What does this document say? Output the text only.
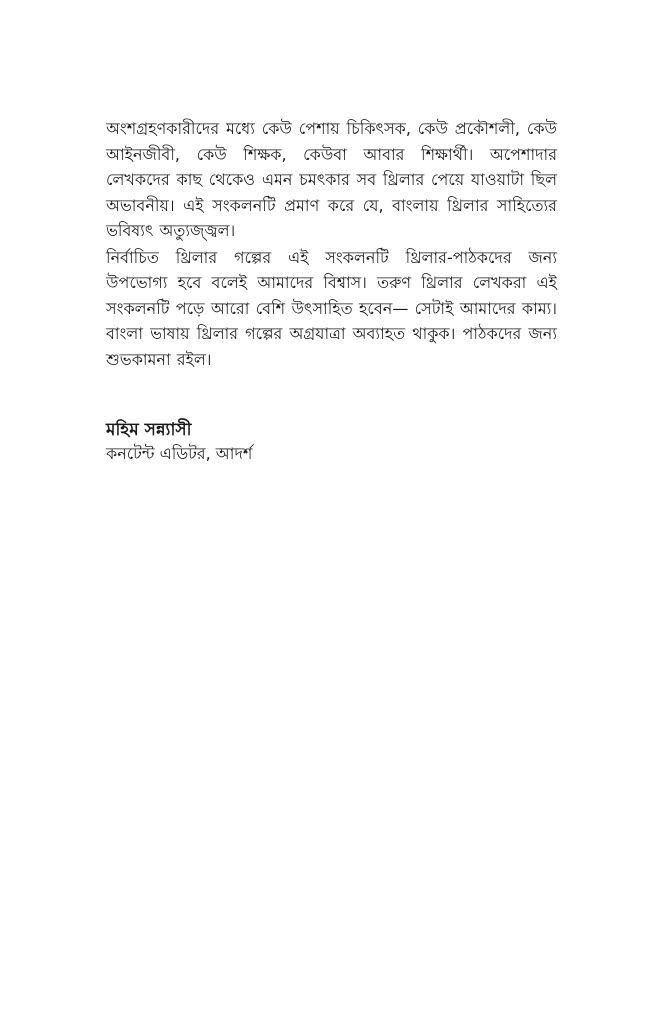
অংশগ্রহণকারীদের মধ্যে কেউ পেশায় চিকিৎসক, কেউ প্রকৌশলী, কেউ আইনজীবী, কেউ শিক্ষক, কেউবা আবার শিক্ষার্থী। অপেশাদার লেখকদের কাছ থেকেও এমন চমৎকার সব থ্রিলার পেয়ে যাওয়াটা ছিল অভাবনীয়। এই সংকলনটি প্রমাণ করে যে, বাংলায় থ্রিলার সাহিত্যের ভবিষ্যৎ অত্যুজ্জ্বল।

নির্বাচিত থ্রিলার গল্পের এই সংকলনটি থ্রিলার-পাঠকদের জন্য উপভোগ্য হবে বলেই আমাদের বিশ্বাস। তরুণ থ্রিলার লেখকরা এই সংকলনটি পড়ে আরো বেশি উৎসাহিত হবেন— সেটাই আমাদের কাম্য। বাংলা ভাষায় থ্রিলার গল্পের অগ্রযাত্রা অব্যাহত থাকুক। পাঠকদের জন্য শুভকামনা রইল।

মহিম সন্ন্যাসী

কনটেন্ট এডিটর, আদর্শ
